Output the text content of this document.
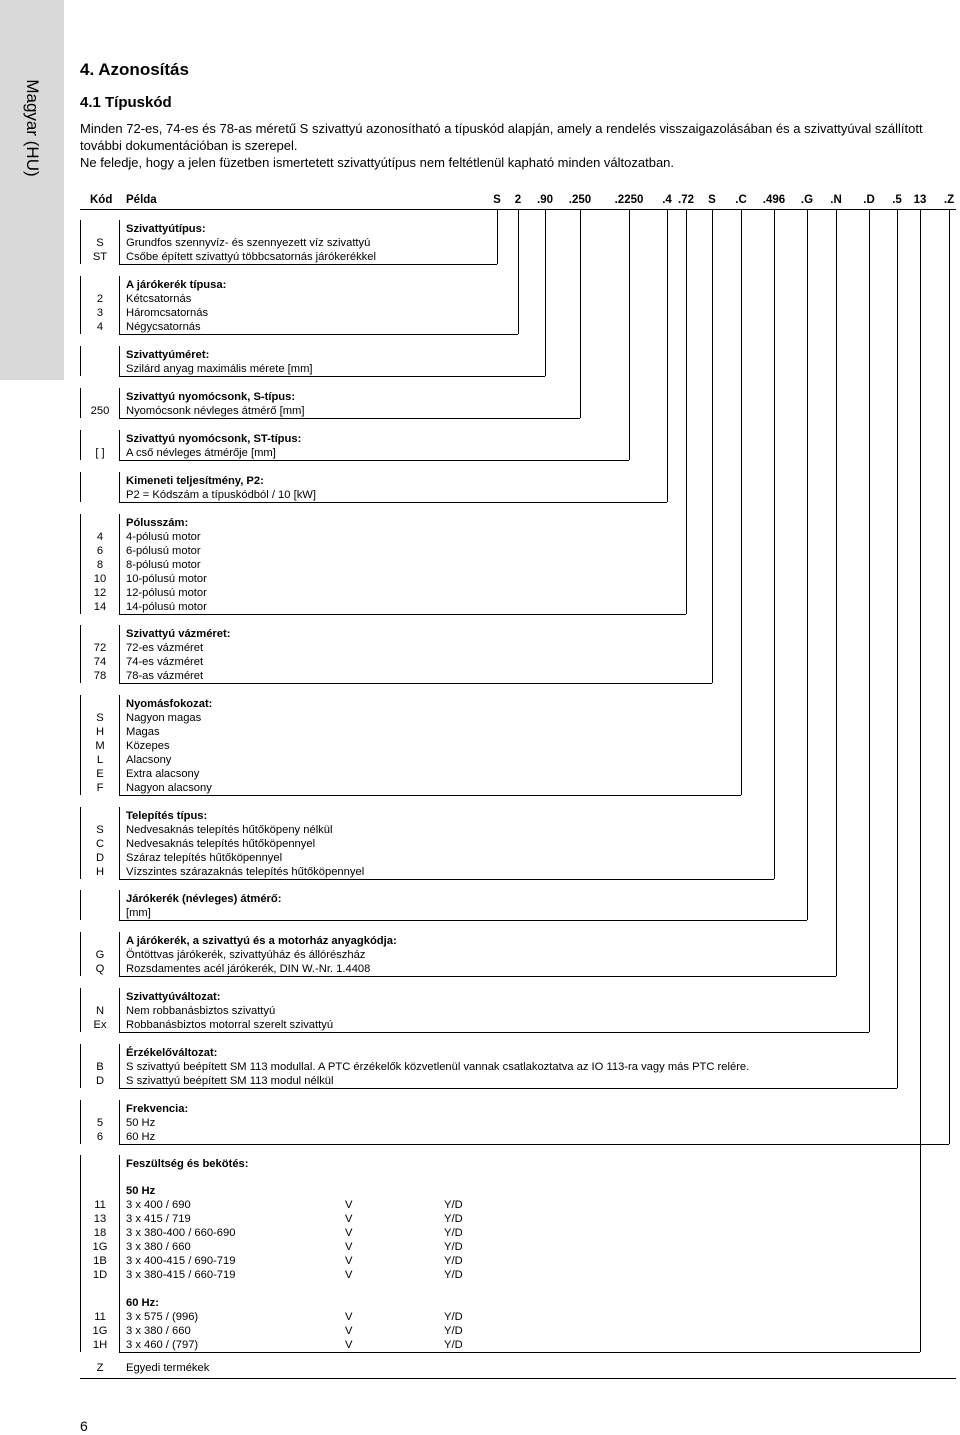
Magyar (HU)
4. Azonosítás
4.1 Típuskód

Minden 72-es, 74-es és 78-as méretű S szivattyú azonosítható a típuskód alapján, amely a rendelés visszaigazolásában és a szivattyúval szállított további dokumentációban is szerepel.

Ne feledje, hogy a jelen füzetben ismertetett szivattyútípus nem feltétlenül kapható minden változatban.

Kód Példa	S 2 .90 .250 .2250 .4 .72 S .C .496 .G .N .D .5 13 .Z
Szivattyútípus:
S	Grundfos szennyvíz- és szennyezett víz szivattyú
ST	Csőbe épített szivattyú többcsatornás járókerékkel
A járókerék típusa:
2	Kétcsatornás
3	Háromcsatornás
4	Négycsatornás
Szivattyúméret:
Szilárd anyag maximális mérete [mm]
Szivattyú nyomócsonk, S-típus:
250	Nyomócsonk névleges átmérő [mm]
Szivattyú nyomócsonk, ST-típus:
[ ]	A cső névleges átmérője [mm]
Kimeneti teljesítmény, P2:
P2 = Kódszám a típuskódból / 10 [kW]
Pólusszám:
4	4-pólusú motor
6	6-pólusú motor
8	8-pólusú motor
10	10-pólusú motor
12	12-pólusú motor
14	14-pólusú motor
Szivattyú vázméret:
72	72-es vázméret
74	74-es vázméret
78	78-as vázméret
Nyomásfokozat:
S	Nagyon magas
H	Magas
M	Közepes
L	Alacsony
E	Extra alacsony
F	Nagyon alacsony
Telepítés típus:
S	Nedvesaknás telepítés hűtőköpeny nélkül
C	Nedvesaknás telepítés hűtőköpennyel
D	Száraz telepítés hűtőköpennyel
H	Vízszintes szárazaknás telepítés hűtőköpennyel
Járókerék (névleges) átmérő:
[mm]
A járókerék, a szivattyú és a motorház anyagkódja:
G	Öntöttvas járókerék, szivattyúház és állórészház
Q	Rozsdamentes acél járókerék, DIN W.-Nr. 1.4408
Szivattyúváltozat:
N	Nem robbanásbiztos szivattyú
Ex	Robbanásbiztos motorral szerelt szivattyú
Érzékelőváltozat:
B	S szivattyú beépített SM 113 modullal. A PTC érzékelők közvetlenül vannak csatlakoztatva az IO 113-ra vagy más PTC relére.
D	S szivattyú beépített SM 113 modul nélkül
Frekvencia:
5	50 Hz
6	60 Hz
Feszültség és bekötés:
50 Hz
11	3 x 400 / 690	V	Y/D
13	3 x 415 / 719	V	Y/D
18	3 x 380-400 / 660-690	V	Y/D
1G	3 x 380 / 660	V	Y/D
1B	3 x 400-415 / 690-719	V	Y/D
1D	3 x 380-415 / 660-719	V	Y/D
60 Hz:
11	3 x 575 / (996)	V	Y/D
1G	3 x 380 / 660	V	Y/D
1H	3 x 460 / (797)	V	Y/D
Z	Egyedi termékek
6
